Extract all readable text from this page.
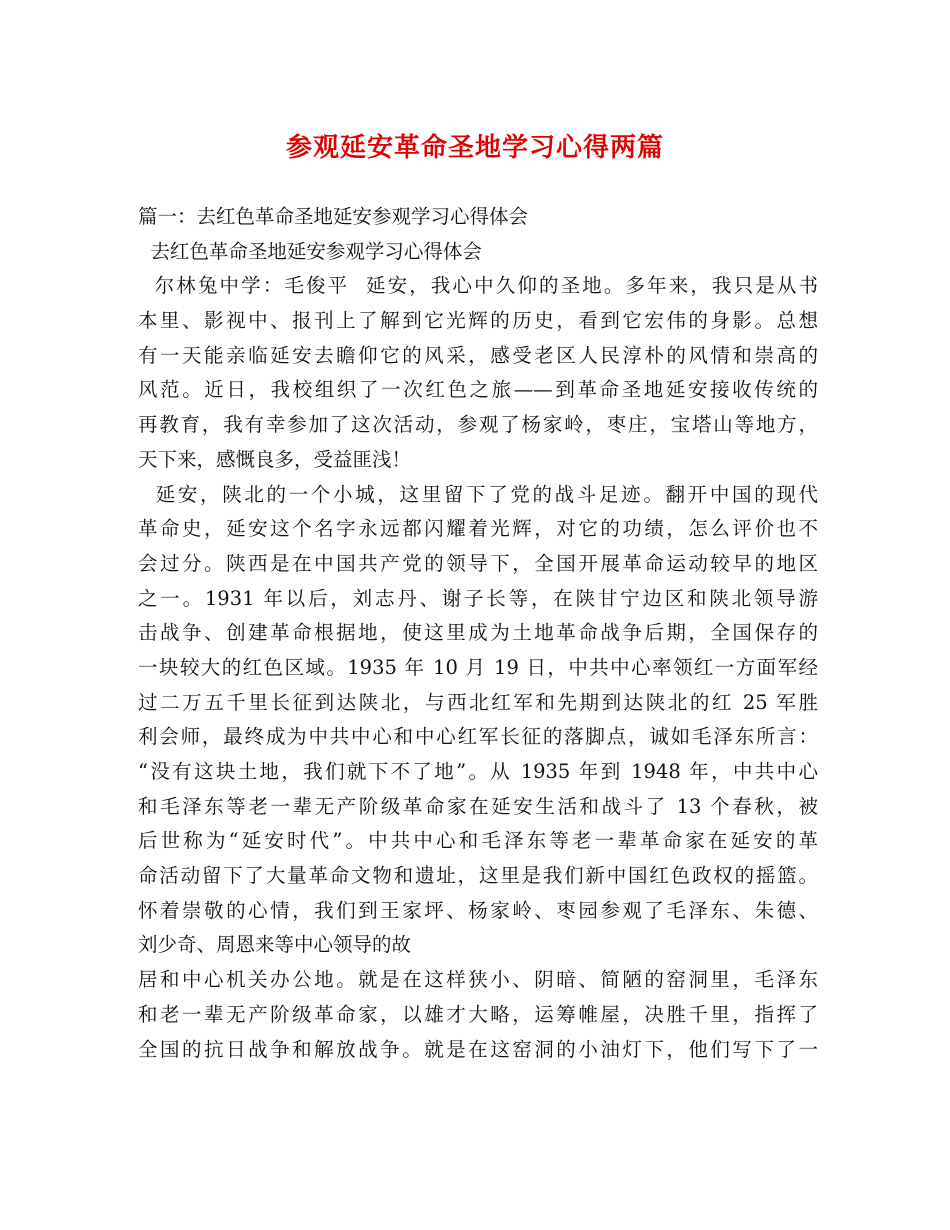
参观延安革命圣地学习心得两篇
篇一：去红色革命圣地延安参观学习心得体会
去红色革命圣地延安参观学习心得体会
尔林兔中学：毛俊平  延安，我心中久仰的圣地。多年来，我只是从书
本里、影视中、报刊上了解到它光辉的历史，看到它宏伟的身影。总想
有一天能亲临延安去瞻仰它的风采，感受老区人民淳朴的风情和崇高的
风范。近日，我校组织了一次红色之旅——到革命圣地延安接收传统的
再教育，我有幸参加了这次活动，参观了杨家岭，枣庄，宝塔山等地方，
天下来，感慨良多，受益匪浅！
延安，陕北的一个小城，这里留下了党的战斗足迹。翻开中国的现代
革命史，延安这个名字永远都闪耀着光辉，对它的功绩，怎么评价也不
会过分。陕西是在中国共产党的领导下，全国开展革命运动较早的地区
之一。1931 年以后，刘志丹、谢子长等，在陕甘宁边区和陕北领导游
击战争、创建革命根据地，使这里成为土地革命战争后期，全国保存的
一块较大的红色区域。1935 年 10 月 19 日，中共中心率领红一方面军经
过二万五千里长征到达陕北，与西北红军和先期到达陕北的红 25 军胜
利会师，最终成为中共中心和中心红军长征的落脚点，诚如毛泽东所言：
“没有这块土地，我们就下不了地”。从 1935 年到 1948 年，中共中心
和毛泽东等老一辈无产阶级革命家在延安生活和战斗了 13 个春秋，被
后世称为“延安时代”。中共中心和毛泽东等老一辈革命家在延安的革
命活动留下了大量革命文物和遗址，这里是我们新中国红色政权的摇篮。
怀着崇敬的心情，我们到王家坪、杨家岭、枣园参观了毛泽东、朱德、
刘少奇、周恩来等中心领导的故
居和中心机关办公地。就是在这样狭小、阴暗、简陋的窑洞里，毛泽东
和老一辈无产阶级革命家，以雄才大略，运筹帷屋，决胜千里，指挥了
全国的抗日战争和解放战争。就是在这窑洞的小油灯下，他们写下了一
